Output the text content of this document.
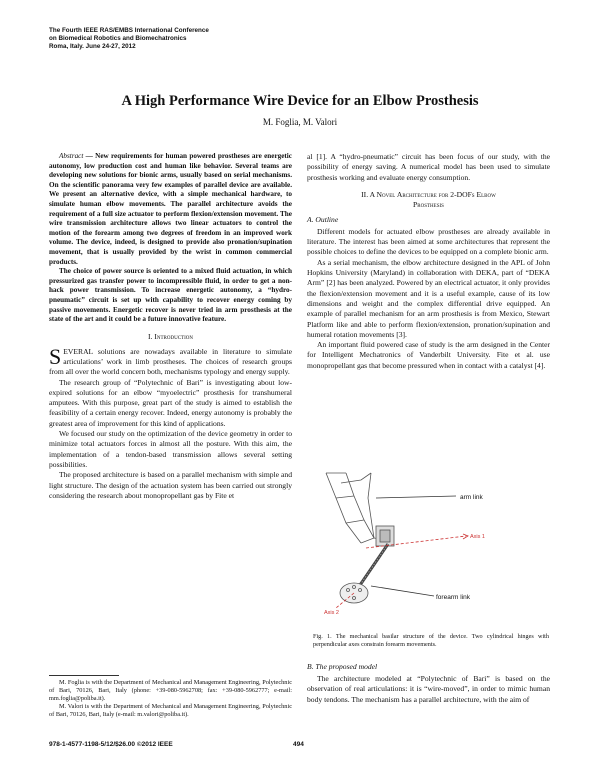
The Fourth IEEE RAS/EMBS International Conference
on Biomedical Robotics and Biomechatronics
Roma, Italy. June 24-27, 2012
A High Performance Wire Device for an Elbow Prosthesis
M. Foglia, M. Valori

Abstract — New requirements for human powered prostheses are energetic autonomy, low production cost and human like behavior. Several teams are developing new solutions for bionic arms, usually based on serial mechanisms. On the scientific panorama very few examples of parallel device are available. We present an alternative device, with a simple mechanical hardware, to simulate human elbow movements. The parallel architecture avoids the requirement of a full size actuator to perform flexion/extension movement. The wire transmission architecture allows two linear actuators to control the motion of the forearm among two degrees of freedom in an improved work volume. The device, indeed, is designed to provide also pronation/supination movement, that is usually provided by the wrist in common commercial products.

The choice of power source is oriented to a mixed fluid actuation, in which pressurized gas transfer power to incompressible fluid, in order to get a non-hack power transmission. To increase energetic autonomy, a “hydro-pneumatic” circuit is set up with capability to recover energy coming by passive movements. Energetic recover is never tried in arm prosthesis at the state of the art and it could be a future innovative feature.

I. Introduction

SEVERAL solutions are nowadays available in literature to simulate articulations’ work in limb prostheses. The choices of research groups from all over the world concern both, mechanisms typology and energy supply.

The research group of “Polytechnic of Bari” is investigating about low-expired solutions for an elbow “myoelectric” prosthesis for transhumeral amputees. With this purpose, great part of the study is aimed to establish the feasibility of a certain energy recover. Indeed, energy autonomy is probably the greatest area of improvement for this kind of applications.

We focused our study on the optimization of the device geometry in order to minimize total actuators forces in almost all the posture. With this aim, the implementation of a tendon-based transmission allows several setting possibilities.

The proposed architecture is based on a parallel mechanism with simple and light structure. The design of the actuation system has been carried out strongly considering the research about monopropellant gas by Fite et

M. Foglia is with the Department of Mechanical and Management Engineering, Polytechnic of Bari, 70126, Bari, Italy (phone: +39-080-5962708; fax: +39-080-5962777; e-mail: mm.foglia@poliba.it).

M. Valori is with the Department of Mechanical and Management Engineering, Polytechnic of Bari, 70126, Bari, Italy (e-mail: m.valori@poliba.it).

978-1-4577-1198-5/12/$26.00 ©2012 IEEE	494

al [1]. A “hydro-pneumatic” circuit has been focus of our study, with the possibility of energy saving. A numerical model has been used to simulate prosthesis working and evaluate energy consumption.

II. A Novel Architecture for 2-DOFs Elbow
Prosthesis
A. Outline

Different models for actuated elbow prostheses are already available in literature. The interest has been aimed at some architectures that represent the possible choices to define the devices to be equipped on a complete bionic arm.

As a serial mechanism, the elbow architecture designed in the APL of John Hopkins University (Maryland) in collaboration with DEKA, part of “DEKA Arm” [2] has been analyzed. Powered by an electrical actuator, it only provides the flexion/extension movement and it is a useful example, cause of its low dimensions and weight and the complex differential drive equipped. An example of parallel mechanism for an arm prosthesis is from Mexico, Stewart Platform like and able to perform flexion/extension, pronation/supination and humeral rotation movements [3].

An important fluid powered case of study is the arm designed in the Center for Intelligent Mechatronics of Vanderbilt University. Fite et al. use monopropellant gas that become pressured when in contact with a catalyst [4].

arm link
forearm link
Axis 1
Axis 2
Fig. 1. The mechanical basilar structure of the device. Two cylindrical hinges with perpendicular axes constrain forearm movements.
B. The proposed model

The architecture modeled at “Polytechnic of Bari” is based on the observation of real articulations: it is “wire-moved”, in order to mimic human body tendons. The mechanism has a parallel architecture, with the aim of
